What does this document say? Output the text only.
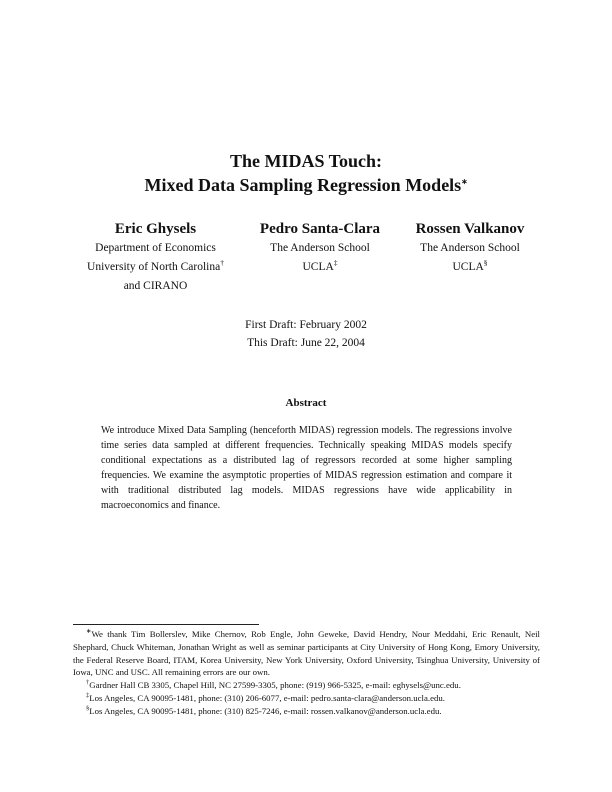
The MIDAS Touch:
Mixed Data Sampling Regression Models∗
Eric Ghysels
Department of Economics
University of North Carolina†
and CIRANO
Pedro Santa-Clara
The Anderson School
UCLA‡
Rossen Valkanov
The Anderson School
UCLA§
First Draft: February 2002
This Draft: June 22, 2004
Abstract
We introduce Mixed Data Sampling (henceforth MIDAS) regression models. The regressions involve time series data sampled at different frequencies. Technically speaking MIDAS models specify conditional expectations as a distributed lag of regressors recorded at some higher sampling frequencies. We examine the asymptotic properties of MIDAS regression estimation and compare it with traditional distributed lag models. MIDAS regressions have wide applicability in macroeconomics and finance.

∗We thank Tim Bollerslev, Mike Chernov, Rob Engle, John Geweke, David Hendry, Nour Meddahi, Eric Renault, Neil Shephard, Chuck Whiteman, Jonathan Wright as well as seminar participants at City University of Hong Kong, Emory University, the Federal Reserve Board, ITAM, Korea University, New York University, Oxford University, Tsinghua University, University of Iowa, UNC and USC. All remaining errors are our own.

†Gardner Hall CB 3305, Chapel Hill, NC 27599-3305, phone: (919) 966-5325, e-mail: eghysels@unc.edu.

‡Los Angeles, CA 90095-1481, phone: (310) 206-6077, e-mail: pedro.santa-clara@anderson.ucla.edu.

§Los Angeles, CA 90095-1481, phone: (310) 825-7246, e-mail: rossen.valkanov@anderson.ucla.edu.
